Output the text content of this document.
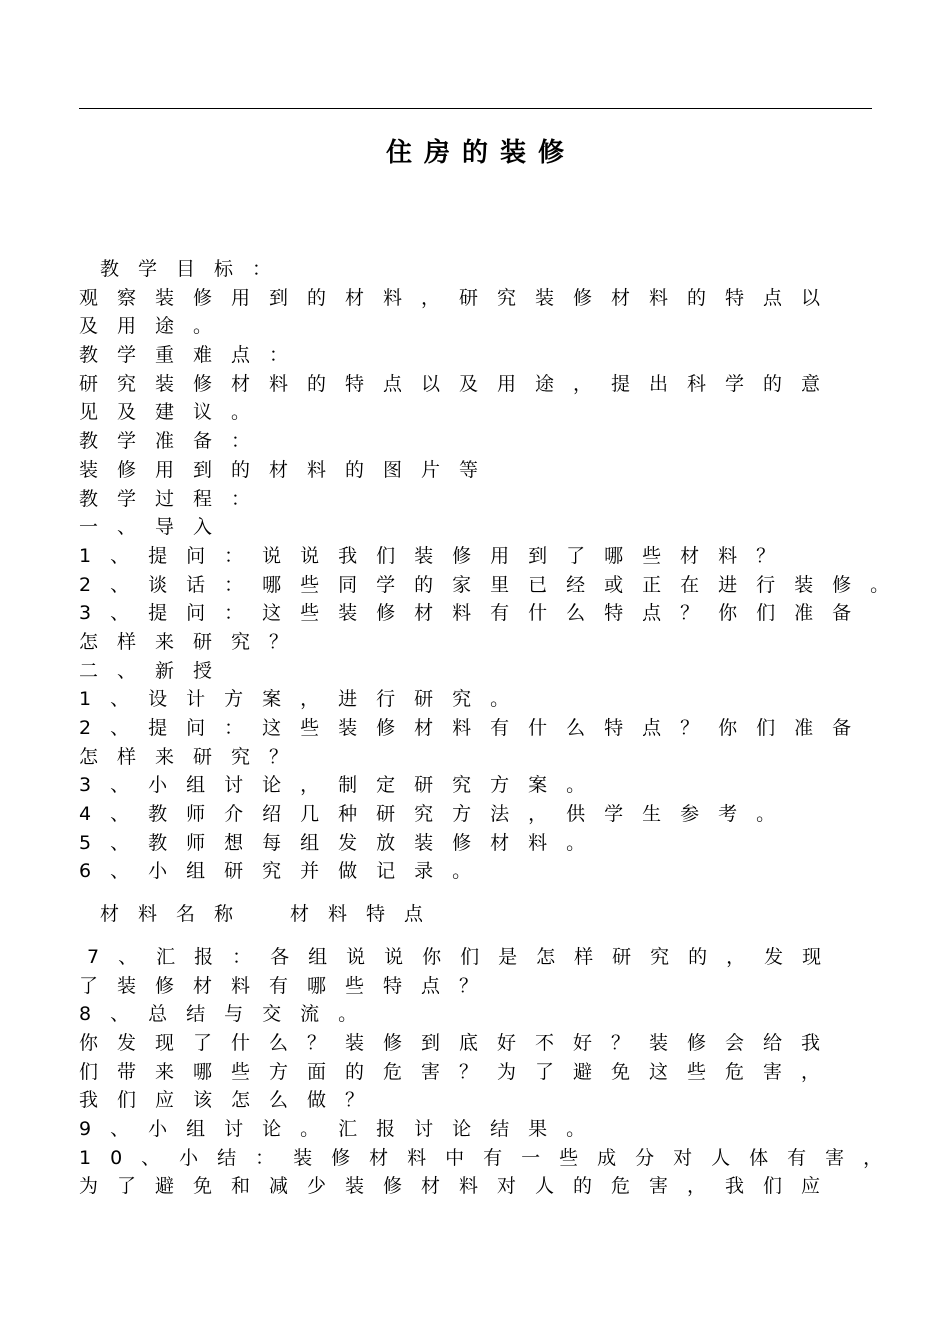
住房的装修
教学目标：
观察装修用到的材料，研究装修材料的特点以
及用途。
教学重难点：
研究装修材料的特点以及用途，提出科学的意
见及建议。
教学准备：
装修用到的材料的图片等
教学过程：
一、导入
1、提问：说说我们装修用到了哪些材料？
2、谈话：哪些同学的家里已经或正在进行装修。
3、提问：这些装修材料有什么特点？你们准备
怎样来研究？
二、新授
1、设计方案，进行研究。
2、提问：这些装修材料有什么特点？你们准备
怎样来研究？
3、小组讨论，制定研究方案。
4、教师介绍几种研究方法，供学生参考。
5、教师想每组发放装修材料。
6、小组研究并做记录。
材料名称　材料特点
7、汇报：各组说说你们是怎样研究的，发现
了装修材料有哪些特点？
8、总结与交流。
你发现了什么？装修到底好不好？装修会给我
们带来哪些方面的危害？为了避免这些危害，
我们应该怎么做？
9、小组讨论。汇报讨论结果。
10、小结：装修材料中有一些成分对人体有害，
为了避免和减少装修材料对人的危害，我们应
